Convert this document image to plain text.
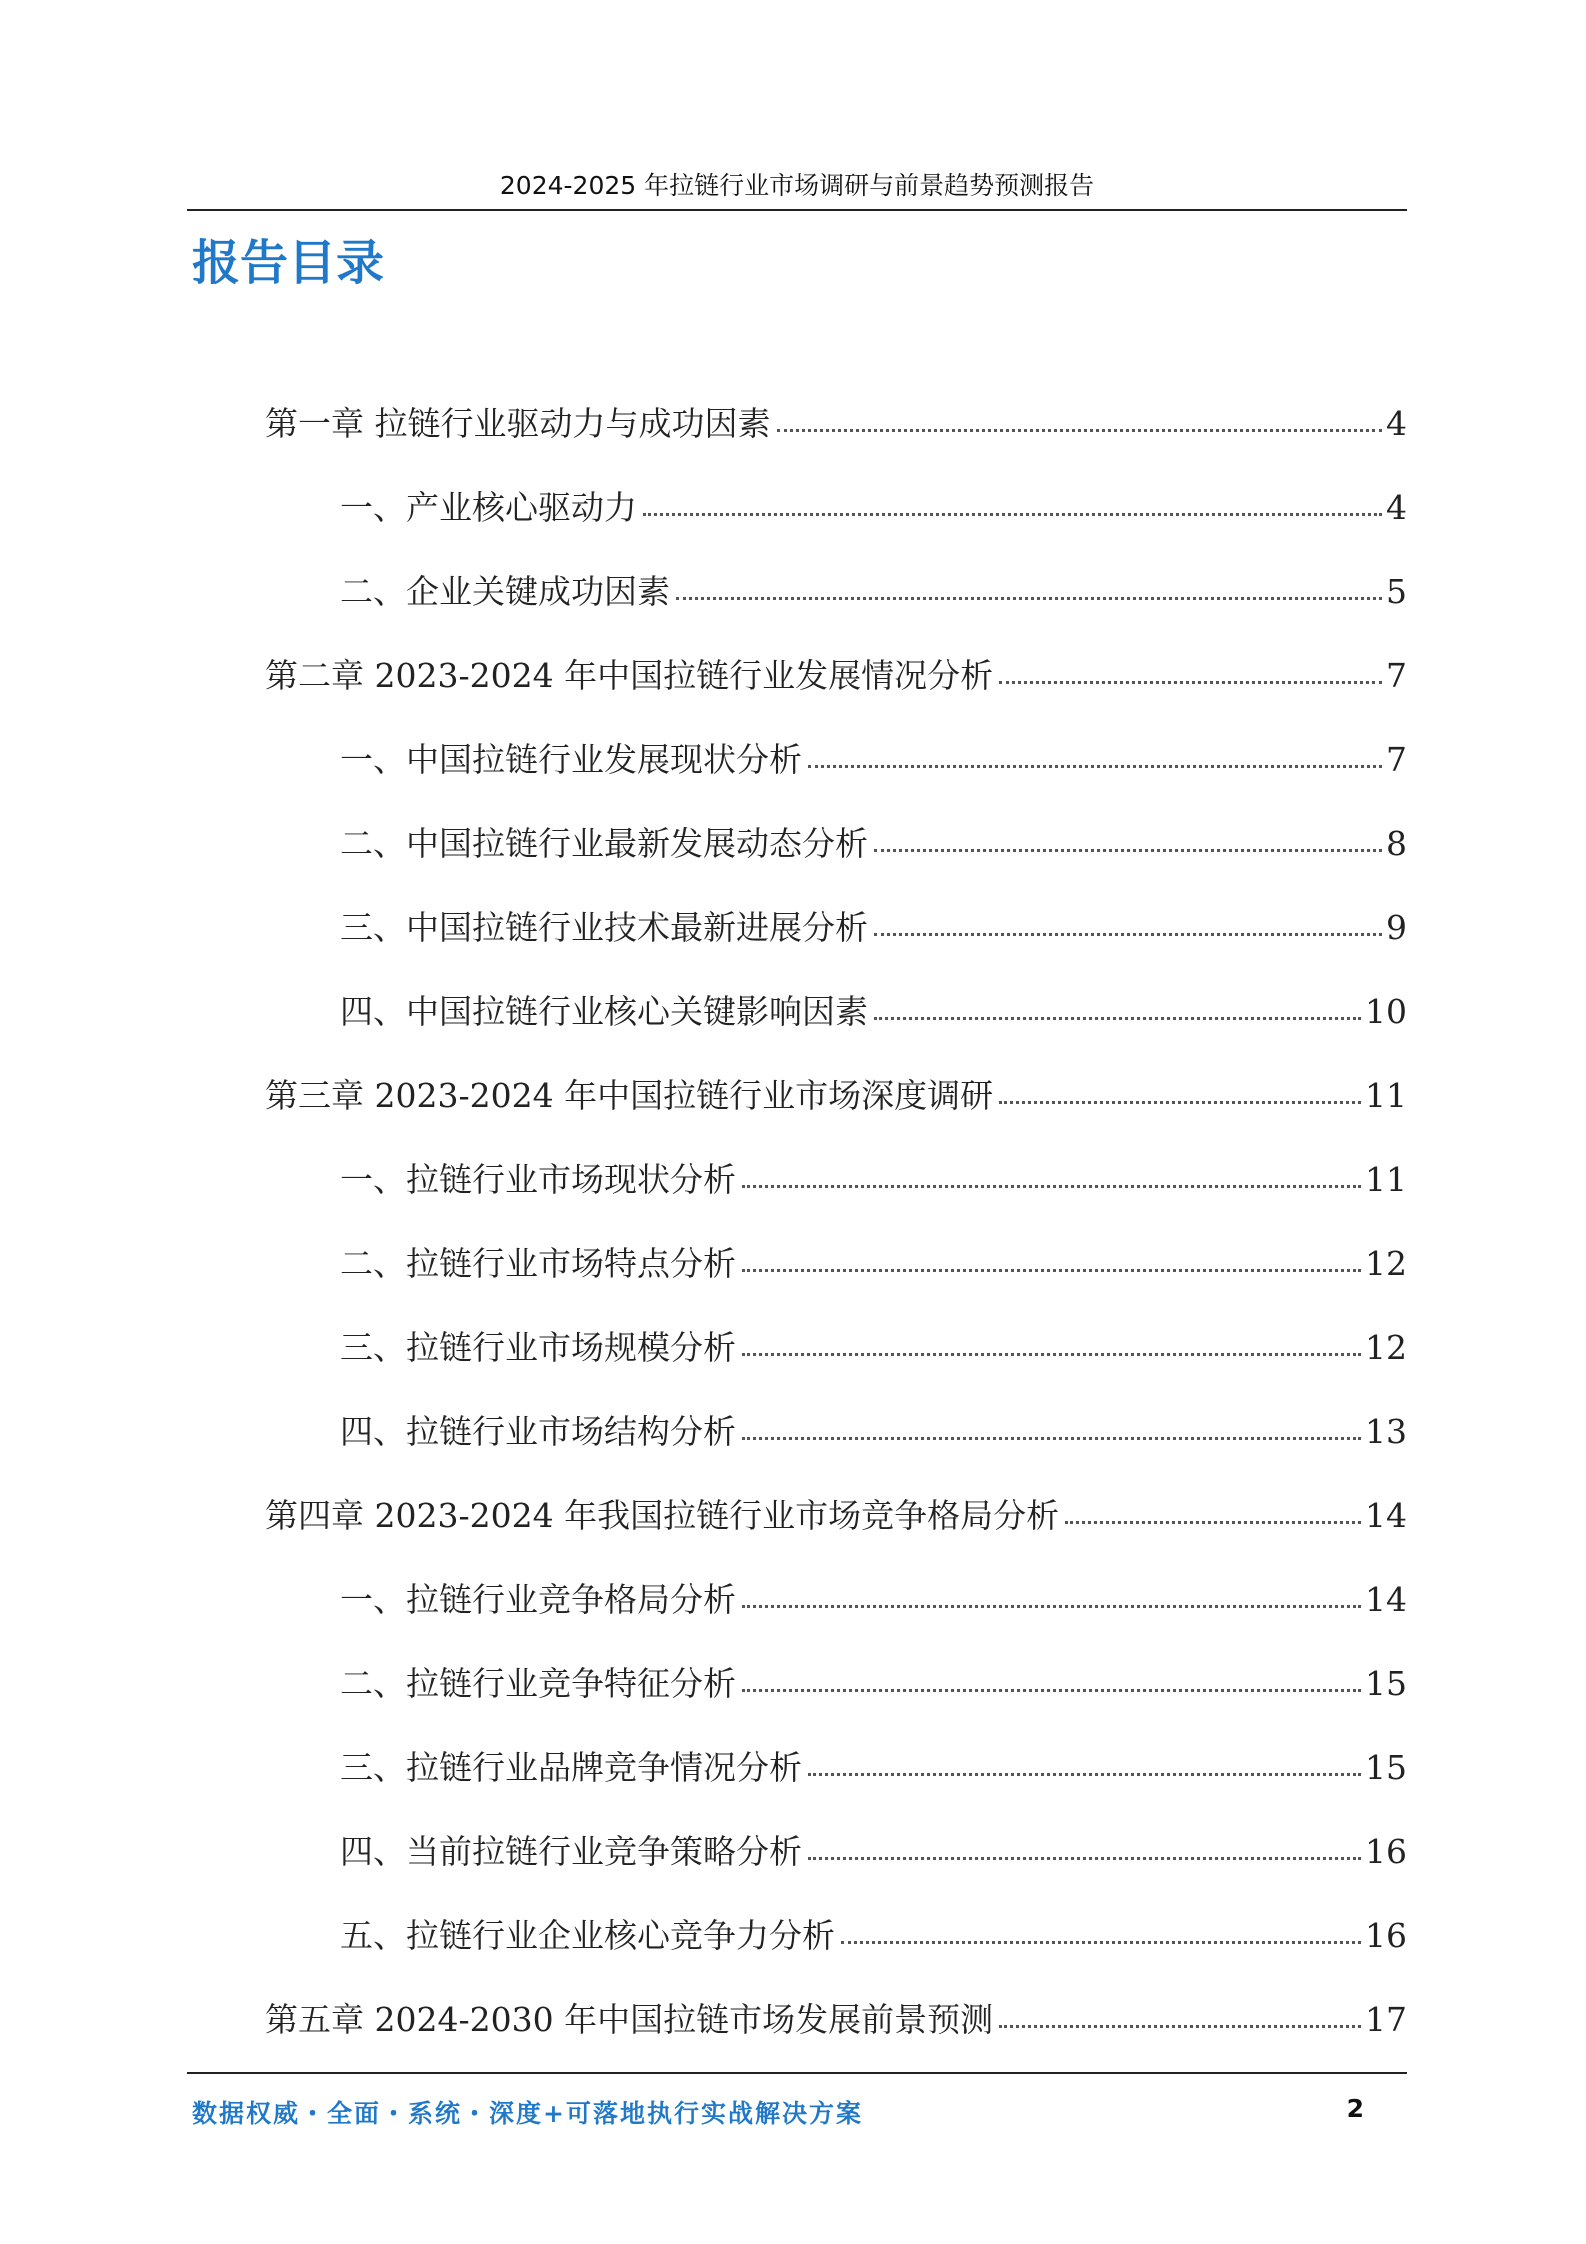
2024-2025 年拉链行业市场调研与前景趋势预测报告
报告目录
第一章 拉链行业驱动力与成功因素	4
一、产业核心驱动力	4
二、企业关键成功因素	5
第二章 2023-2024 年中国拉链行业发展情况分析	7
一、中国拉链行业发展现状分析	7
二、中国拉链行业最新发展动态分析	8
三、中国拉链行业技术最新进展分析	9
四、中国拉链行业核心关键影响因素	10
第三章 2023-2024 年中国拉链行业市场深度调研	11
一、拉链行业市场现状分析	11
二、拉链行业市场特点分析	12
三、拉链行业市场规模分析	12
四、拉链行业市场结构分析	13
第四章 2023-2024 年我国拉链行业市场竞争格局分析	14
一、拉链行业竞争格局分析	14
二、拉链行业竞争特征分析	15
三、拉链行业品牌竞争情况分析	15
四、当前拉链行业竞争策略分析	16
五、拉链行业企业核心竞争力分析	16
第五章 2024-2030 年中国拉链市场发展前景预测	17
数据权威・全面・系统・深度+可落地执行实战解决方案	2
